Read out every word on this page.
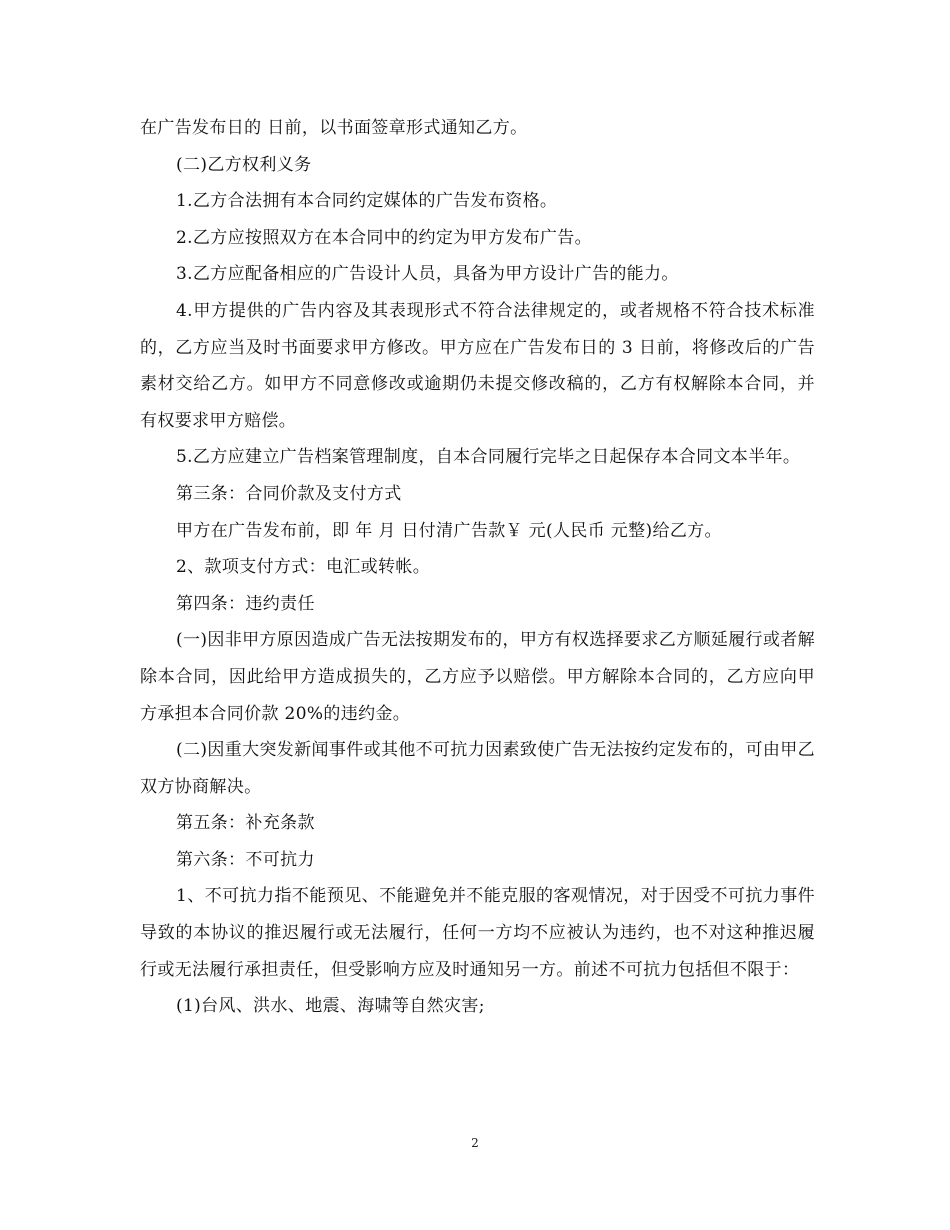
在广告发布日的 日前，以书面签章形式通知乙方。

(二)乙方权利义务

1.乙方合法拥有本合同约定媒体的广告发布资格。

2.乙方应按照双方在本合同中的约定为甲方发布广告。

3.乙方应配备相应的广告设计人员，具备为甲方设计广告的能力。

4.甲方提供的广告内容及其表现形式不符合法律规定的，或者规格不符合技术标准的，乙方应当及时书面要求甲方修改。甲方应在广告发布日的 3 日前，将修改后的广告素材交给乙方。如甲方不同意修改或逾期仍未提交修改稿的，乙方有权解除本合同，并有权要求甲方赔偿。

5.乙方应建立广告档案管理制度，自本合同履行完毕之日起保存本合同文本半年。

第三条：合同价款及支付方式

甲方在广告发布前，即 年 月 日付清广告款￥ 元(人民币 元整)给乙方。

2、款项支付方式：电汇或转帐。

第四条：违约责任

(一)因非甲方原因造成广告无法按期发布的，甲方有权选择要求乙方顺延履行或者解除本合同，因此给甲方造成损失的，乙方应予以赔偿。甲方解除本合同的，乙方应向甲方承担本合同价款 20%的违约金。

(二)因重大突发新闻事件或其他不可抗力因素致使广告无法按约定发布的，可由甲乙双方协商解决。

第五条：补充条款

第六条：不可抗力

1、不可抗力指不能预见、不能避免并不能克服的客观情况，对于因受不可抗力事件导致的本协议的推迟履行或无法履行，任何一方均不应被认为违约，也不对这种推迟履行或无法履行承担责任，但受影响方应及时通知另一方。前述不可抗力包括但不限于：

(1)台风、洪水、地震、海啸等自然灾害;

2
